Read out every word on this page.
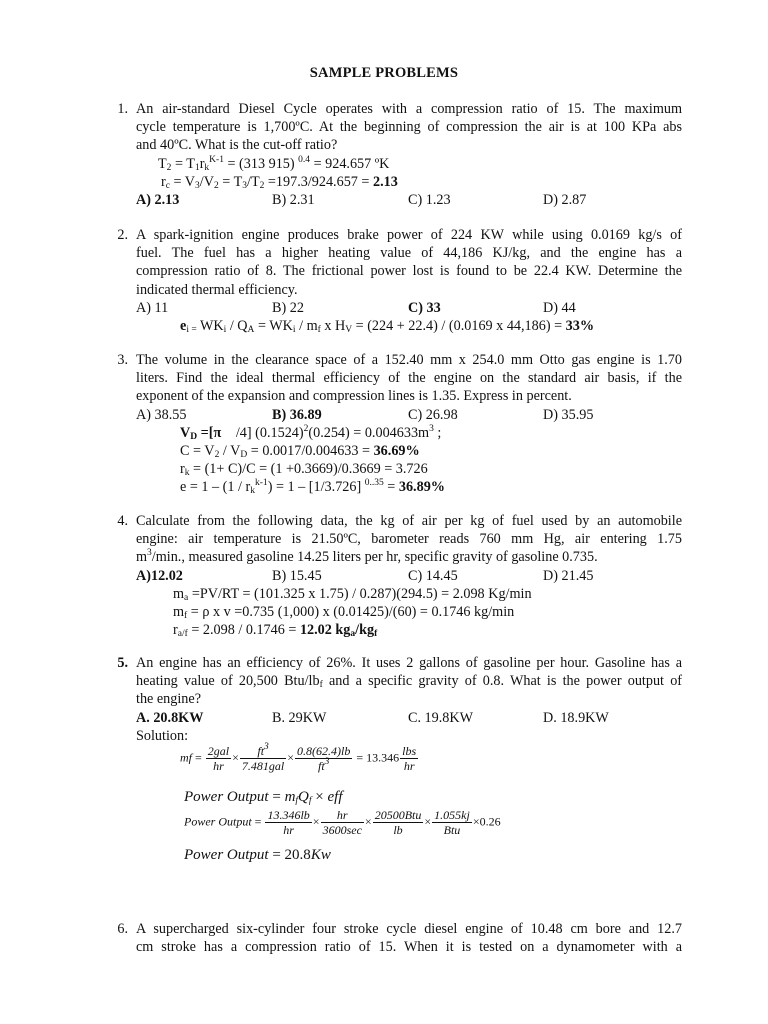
SAMPLE PROBLEMS
1. An air-standard Diesel Cycle operates with a compression ratio of 15. The maximum
cycle temperature is 1,700ºC. At the beginning of compression the air is at 100 KPa abs
and 40ºC. What is the cut-off ratio?
$T_2 = T_1r_k^{K-1} = (313$ 915) $^{0.4}$ = 924.657 ºK
$r_c = V_3/V_2 = T_3/T_2 =197.3/924.657 = 2.13$
A) 2.13	B) 2.31	C) 1.23	D) 2.87
2. A spark-ignition engine produces brake power of 224 KW while using 0.0169 kg/s of
fuel. The fuel has a higher heating value of 44,186 KJ/kg, and the engine has a
compression ratio of 8. The frictional power lost is found to be 22.4 KW. Determine the
indicated thermal efficiency.
A) 11	B) 22	C) 33	D) 44
$e_{i =}$ $WK_i / Q_A = WK_i / m_f$ x $H_V = (224 + 22.4) / (0.0169$ x 44,186) = 33%
3. The volume in the clearance space of a 152.40 mm x 254.0 mm Otto gas engine is 1.70
liters. Find the ideal thermal efficiency of the engine on the standard air basis, if the
exponent of the expansion and compression lines is 1.35. Express in percent.
A) 38.55	B) 36.89	C) 26.98	D) 35.95
$V_D =[\pi$ ⃞/4] $(0.1524)^2(0.254) = 0.004633m^3$ ;
$C = V_2 / V_D = 0.0017/0.004633 = 36.69\%$
$r_k = (1+ C)/C = (1 +0.3669)/0.3669 = 3.726$
$e = 1 - (1 / r_k^{k-1}) = 1 - [1/3.726] ^{0..35} = 36.89\%$
4. Calculate from the following data, the kg of air per kg of fuel used by an automobile
engine: air temperature is 21.50ºC, barometer reads 760 mm Hg, air entering 1.75
$m^3/\min$., measured gasoline 14.25 liters per hr, specific gravity of gasoline 0.735.
A)12.02	B) 15.45	C) 14.45	D) 21.45
$m_a =PV/RT = (101.325$ x 1.75) / 0.287)(294.5) = 2.098 Kg/min
$m_f = \rho$ x v =0.735 (1,000) x (0.01425)/(60) = 0.1746 kg/min
$r_{a/f} = 2.098 / 0.1746 = 12.02$ $kg_a/kg_f$
5. An engine has an efficiency of 26%. It uses 2 gallons of gasoline per hour. Gasoline has a
heating value of 20,500 Btu/$lb_f$ and a specific gravity of 0.8. What is the power output of
the engine?
A. 20.8KW	B. 29KW	C. 19.8KW	D. 18.9KW
Solution:
mf = $\frac{\text{2gal}}{hr} \times \frac{ft^3}{\text{7.481gal}} \times \frac{0.8(62.4)lb}{ft^3} = 13.346 \frac{\text{lbs}}{hr}$
Power Output = $m_fQ_f$ × eff
Power Output = $\frac{13.346lb}{hr} \times \frac{hr}{3600\sec} \times \frac{\text{20500Btu}}{lb} \times \frac{1.055kj}{\text{Btu}} \times 0.26$
Power Output = 20.8Kw
6. A supercharged six-cylinder four stroke cycle diesel engine of 10.48 cm bore and 12.7
cm stroke has a compression ratio of 15. When it is tested on a dynamometer with a
